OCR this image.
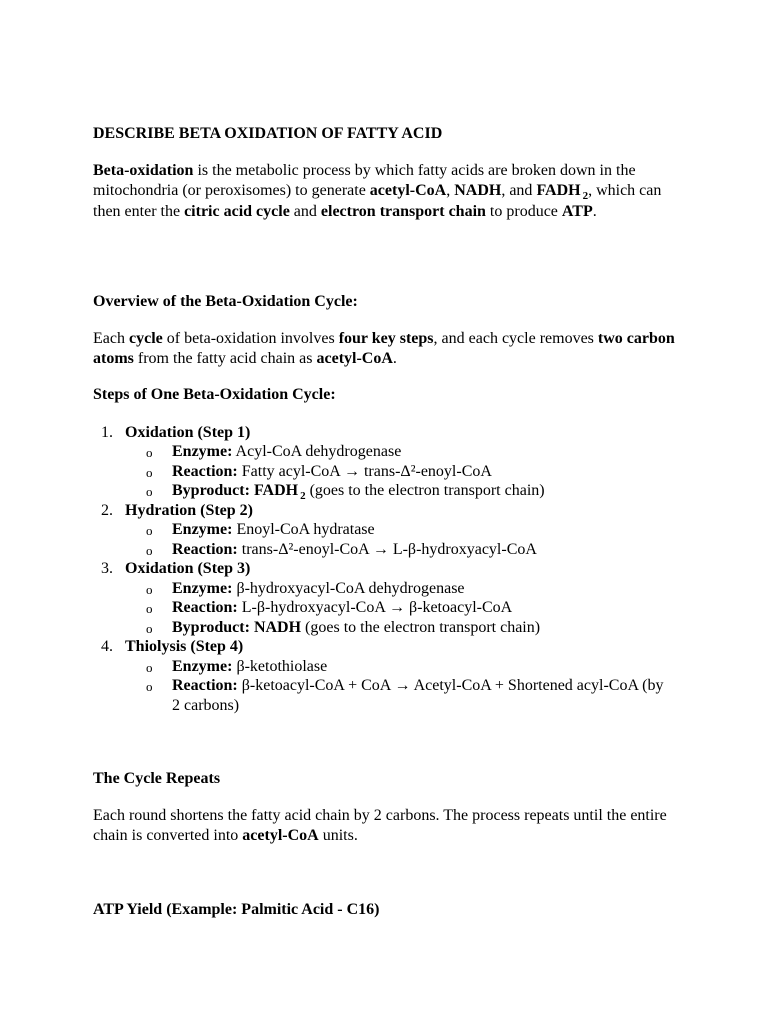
DESCRIBE BETA OXIDATION OF FATTY ACID

Beta-oxidation is the metabolic process by which fatty acids are broken down in the mitochondria (or peroxisomes) to generate acetyl-CoA, NADH, and FADH $_2$, which can then enter the citric acid cycle and electron transport chain to produce ATP.

Overview of the Beta-Oxidation Cycle:

Each cycle of beta-oxidation involves four key steps, and each cycle removes two carbon atoms from the fatty acid chain as acetyl-CoA.

Steps of One Beta-Oxidation Cycle:

1. Oxidation (Step 1)
o Enzyme: Acyl-CoA dehydrogenase
o Reaction: Fatty acyl-CoA → trans-Δ²-enoyl-CoA
o Byproduct: FADH $_2$ (goes to the electron transport chain)
2. Hydration (Step 2)
o Enzyme: Enoyl-CoA hydratase
o Reaction: trans-Δ²-enoyl-CoA → L-β-hydroxyacyl-CoA
3. Oxidation (Step 3)
o Enzyme: β-hydroxyacyl-CoA dehydrogenase
o Reaction: L-β-hydroxyacyl-CoA → β-ketoacyl-CoA
o Byproduct: NADH (goes to the electron transport chain)
4. Thiolysis (Step 4)
o Enzyme: β-ketothiolase
o Reaction: β-ketoacyl-CoA + CoA → Acetyl-CoA + Shortened acyl-CoA (by 2 carbons)

The Cycle Repeats

Each round shortens the fatty acid chain by 2 carbons. The process repeats until the entire chain is converted into acetyl-CoA units.

ATP Yield (Example: Palmitic Acid - C16)
